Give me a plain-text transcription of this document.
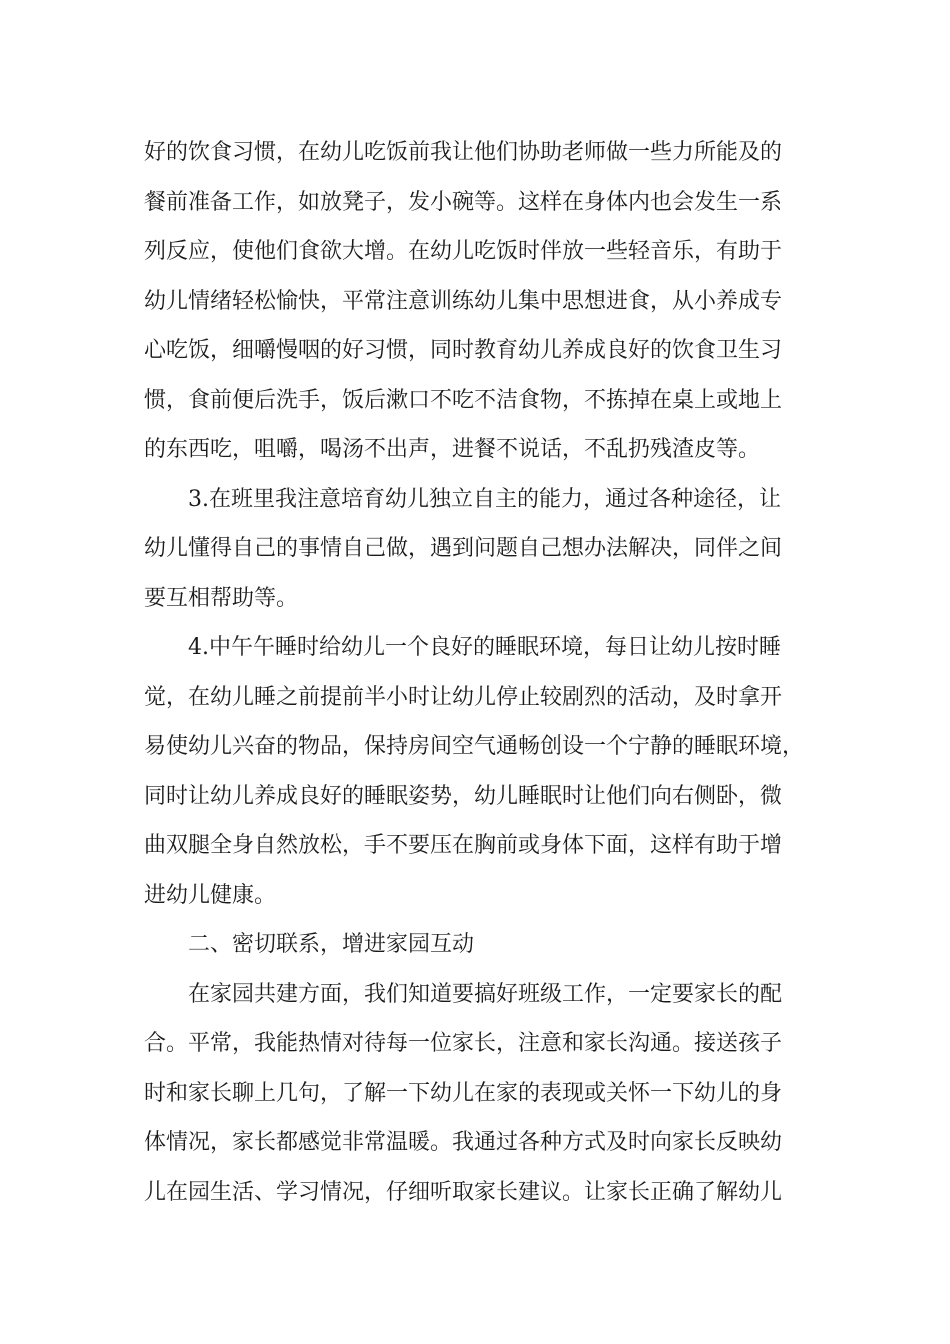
好的饮食习惯，在幼儿吃饭前我让他们协助老师做一些力所能及的
餐前准备工作，如放凳子，发小碗等。这样在身体内也会发生一系
列反应，使他们食欲大增。在幼儿吃饭时伴放一些轻音乐，有助于
幼儿情绪轻松愉快，平常注意训练幼儿集中思想进食，从小养成专
心吃饭，细嚼慢咽的好习惯，同时教育幼儿养成良好的饮食卫生习
惯，食前便后洗手，饭后漱口不吃不洁食物，不拣掉在桌上或地上
的东西吃，咀嚼，喝汤不出声，进餐不说话，不乱扔残渣皮等。
3.在班里我注意培育幼儿独立自主的能力，通过各种途径，让
幼儿懂得自己的事情自己做，遇到问题自己想办法解决，同伴之间
要互相帮助等。
4.中午午睡时给幼儿一个良好的睡眠环境，每日让幼儿按时睡
觉，在幼儿睡之前提前半小时让幼儿停止较剧烈的活动，及时拿开
易使幼儿兴奋的物品，保持房间空气通畅创设一个宁静的睡眠环境，
同时让幼儿养成良好的睡眠姿势，幼儿睡眠时让他们向右侧卧，微
曲双腿全身自然放松，手不要压在胸前或身体下面，这样有助于增
进幼儿健康。
二、密切联系，增进家园互动
在家园共建方面，我们知道要搞好班级工作，一定要家长的配
合。平常，我能热情对待每一位家长，注意和家长沟通。接送孩子
时和家长聊上几句，了解一下幼儿在家的表现或关怀一下幼儿的身
体情况，家长都感觉非常温暖。我通过各种方式及时向家长反映幼
儿在园生活、学习情况，仔细听取家长建议。让家长正确了解幼儿
